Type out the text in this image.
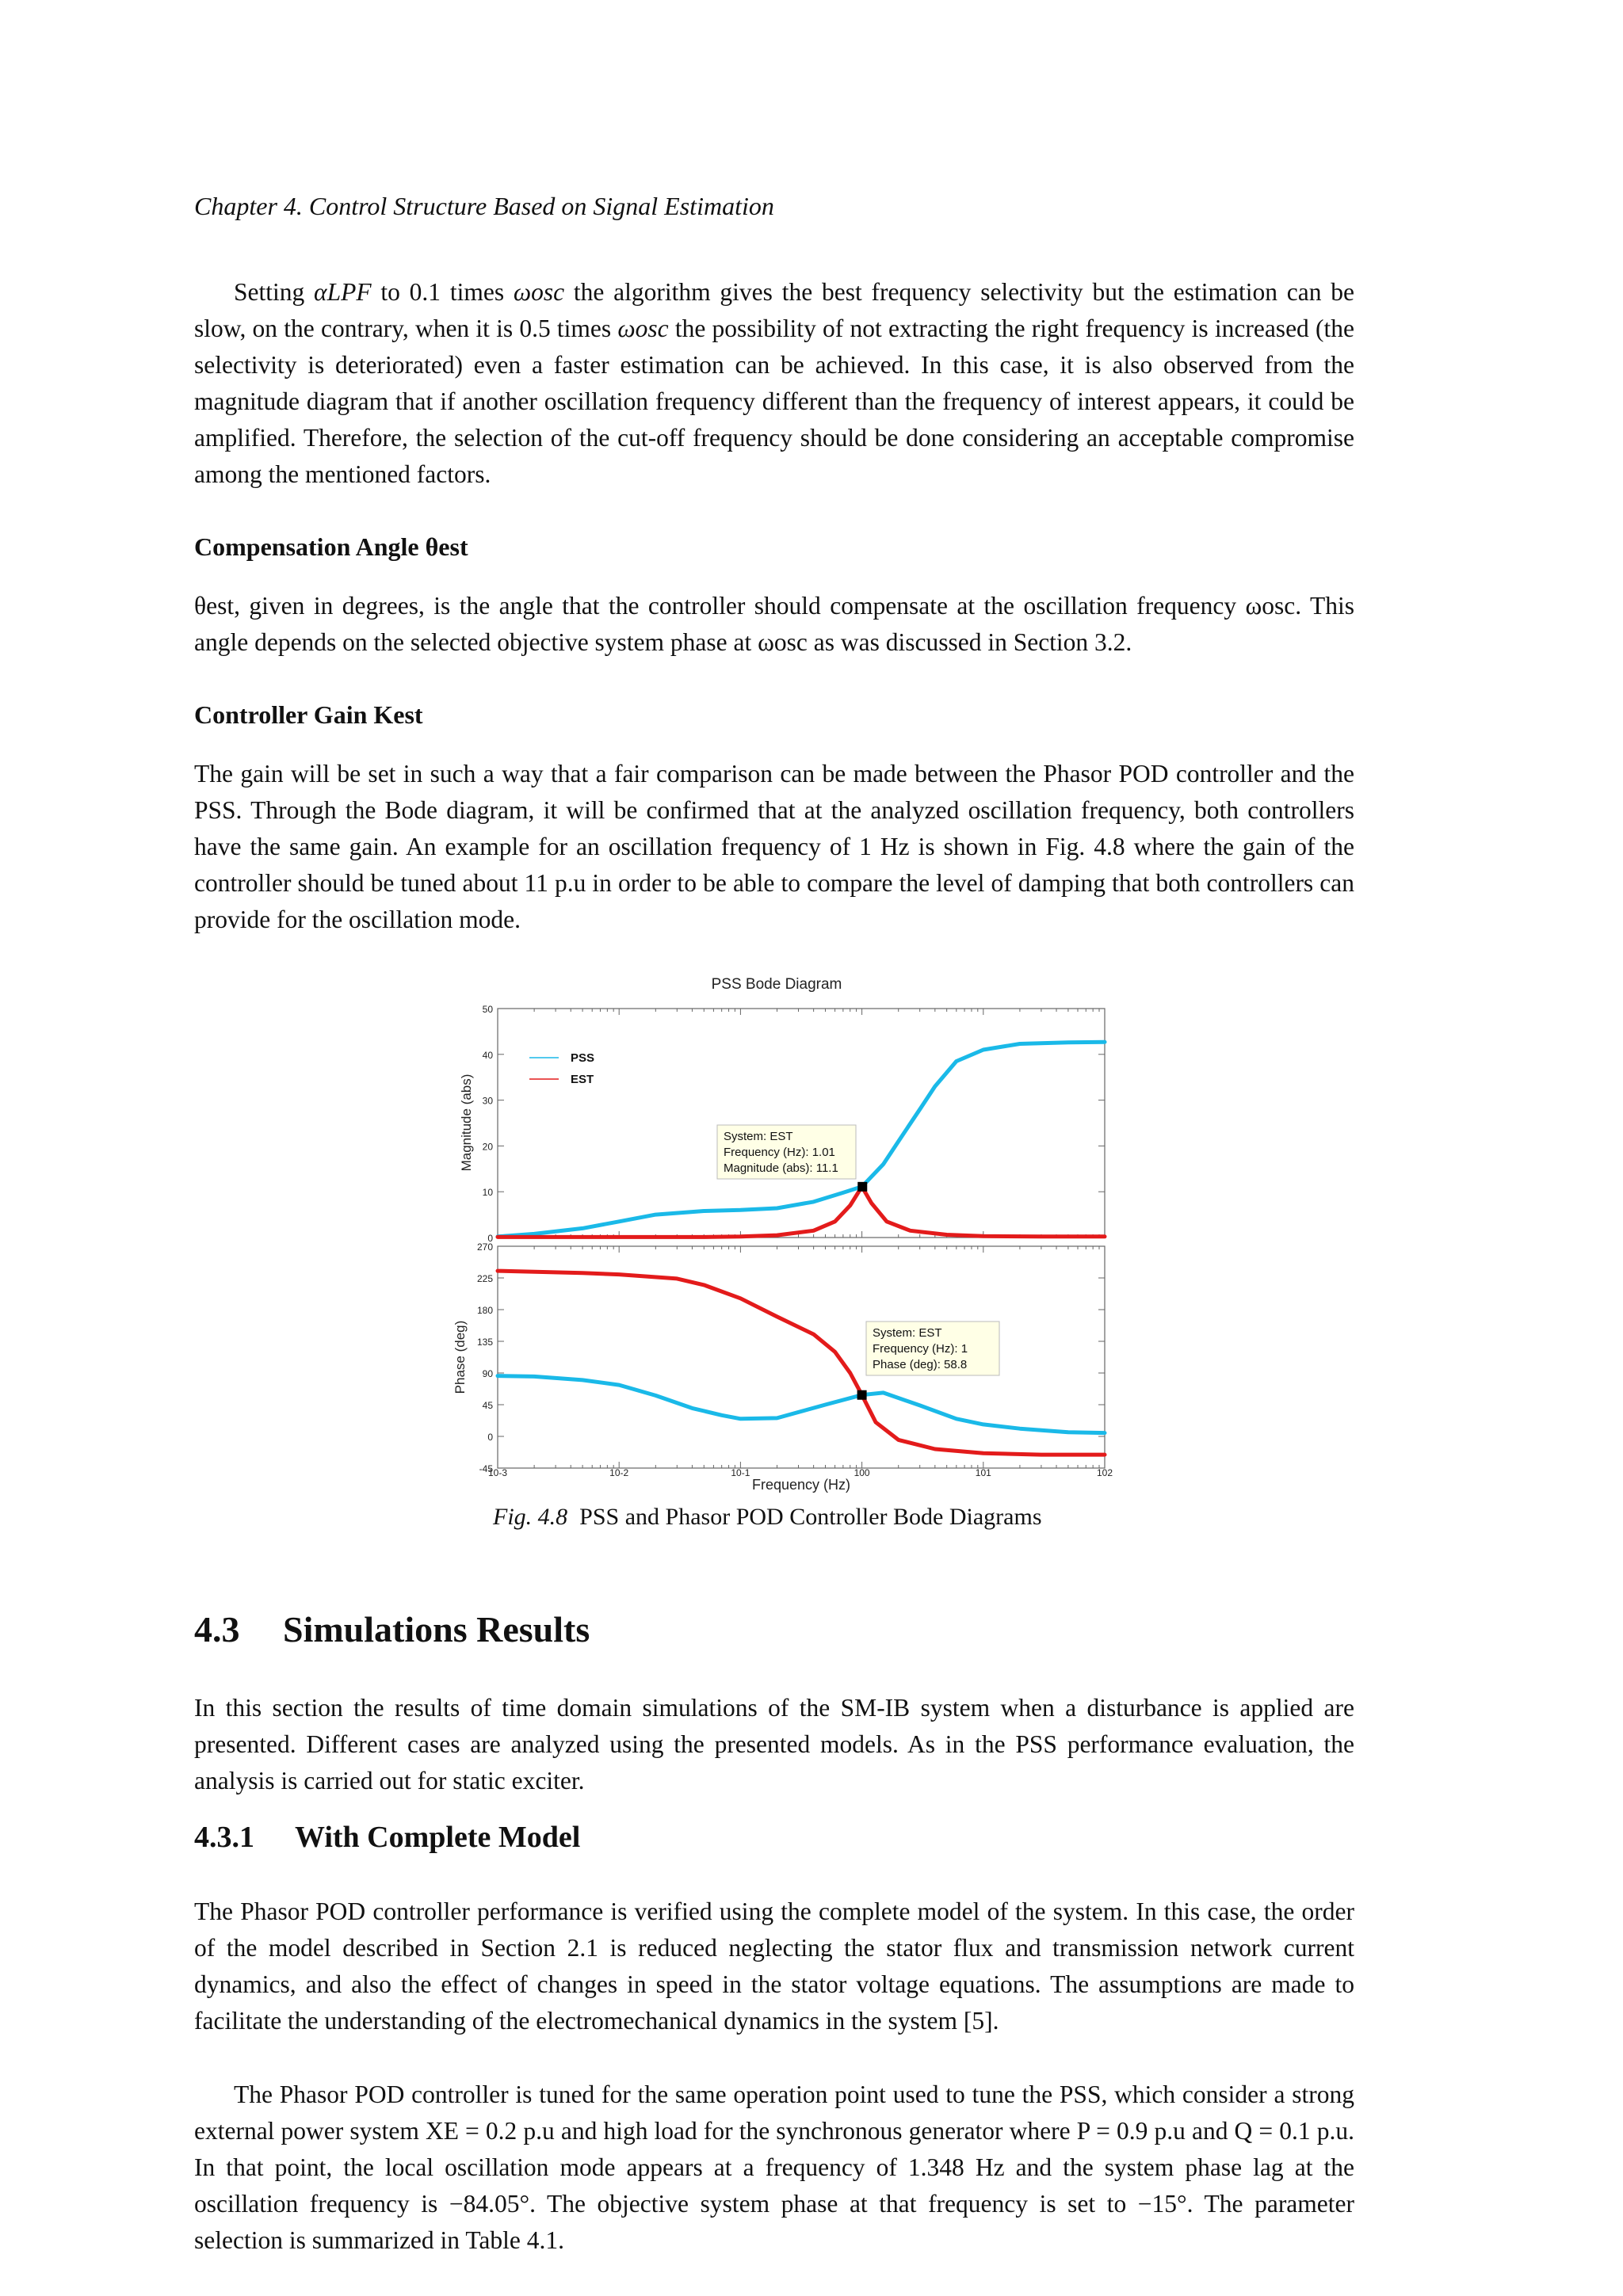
Chapter 4. Control Structure Based on Signal Estimation
Setting αLPF to 0.1 times ωosc the algorithm gives the best frequency selectivity but the estimation can be slow, on the contrary, when it is 0.5 times ωosc the possibility of not extracting the right frequency is increased (the selectivity is deteriorated) even a faster estimation can be achieved. In this case, it is also observed from the magnitude diagram that if another oscillation frequency different than the frequency of interest appears, it could be amplified. Therefore, the selection of the cut-off frequency should be done considering an acceptable compromise among the mentioned factors.
Compensation Angle θest
θest, given in degrees, is the angle that the controller should compensate at the oscillation frequency ωosc. This angle depends on the selected objective system phase at ωosc as was discussed in Section 3.2.
Controller Gain Kest
The gain will be set in such a way that a fair comparison can be made between the Phasor POD controller and the PSS. Through the Bode diagram, it will be confirmed that at the analyzed oscillation frequency, both controllers have the same gain. An example for an oscillation frequency of 1 Hz is shown in Fig. 4.8 where the gain of the controller should be tuned about 11 p.u in order to be able to compare the level of damping that both controllers can provide for the oscillation mode.
PSS Bode Diagram
Magnitude (abs)
0
10
20
30
40
50
PSS
EST
System: EST
Frequency (Hz): 1.01
Magnitude (abs): 11.1
Phase (deg)
-45
0
45
90
135
180
225
270
System: EST
Frequency (Hz): 1
Phase (deg): 58.8
10-3	10-2	10-1	100	101	102
Frequency (Hz)
Fig. 4.8 PSS and Phasor POD Controller Bode Diagrams
4.3 Simulations Results
In this section the results of time domain simulations of the SM-IB system when a disturbance is applied are presented. Different cases are analyzed using the presented models. As in the PSS performance evaluation, the analysis is carried out for static exciter.
4.3.1 With Complete Model
The Phasor POD controller performance is verified using the complete model of the system. In this case, the order of the model described in Section 2.1 is reduced neglecting the stator flux and transmission network current dynamics, and also the effect of changes in speed in the stator voltage equations. The assumptions are made to facilitate the understanding of the electromechanical dynamics in the system [5].
The Phasor POD controller is tuned for the same operation point used to tune the PSS, which consider a strong external power system XE = 0.2 p.u and high load for the synchronous generator where P = 0.9 p.u and Q = 0.1 p.u. In that point, the local oscillation mode appears at a frequency of 1.348 Hz and the system phase lag at the oscillation frequency is −84.05°. The objective system phase at that frequency is set to −15°. The parameter selection is summarized in Table 4.1.
